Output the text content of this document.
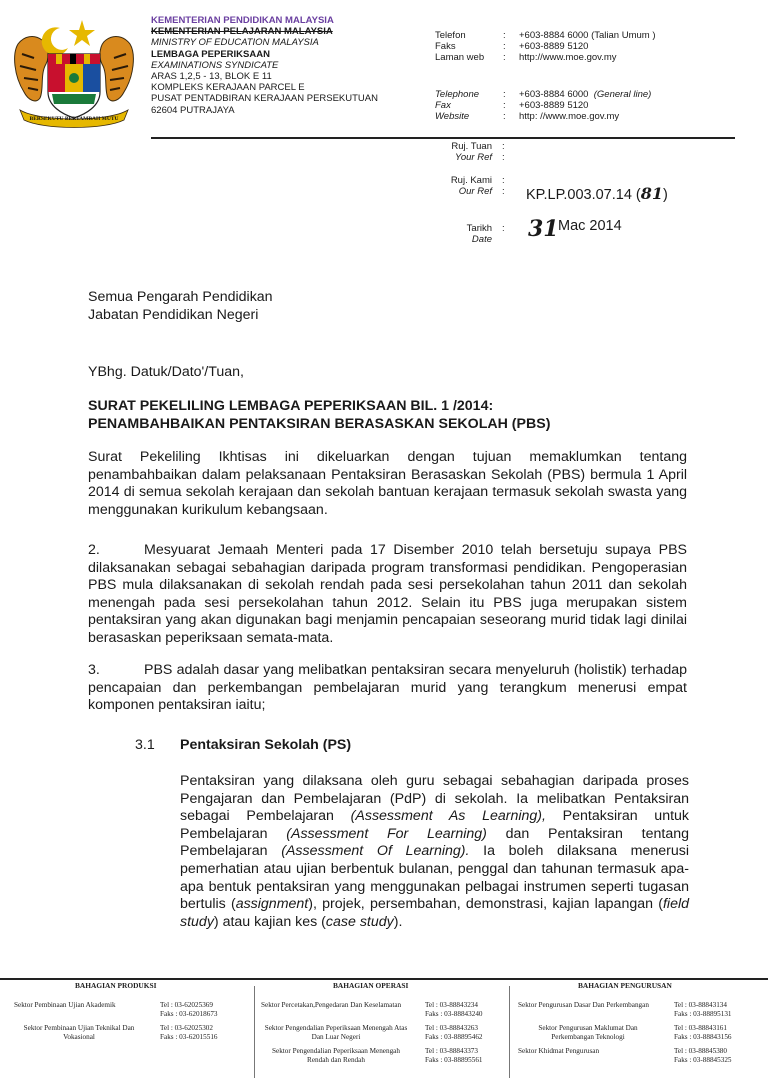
BERSEKUTU BERTAMBAH MUTU
KEMENTERIAN PENDIDIKAN MALAYSIA
KEMENTERIAN PELAJARAN MALAYSIA
MINISTRY OF EDUCATION MALAYSIA
LEMBAGA PEPERIKSAAN
EXAMINATIONS SYNDICATE
ARAS 1,2,5 - 13, BLOK E 11
KOMPLEKS KERAJAAN PARCEL E
PUSAT PENTADBIRAN KERAJAAN PERSEKUTUAN
62604 PUTRAJAYA
Telefon	:	+603-8884 6000 (Talian Umum )
Faks	:	+603-8889 5120
Laman web	:	http://www.moe.gov.my
Telephone	:	+603-8884 6000
(General line)
Fax	:	+603-8889 5120
Website	:	http: //www.moe.gov.my
Ruj. Tuan	:
Your Ref	:
Ruj. Kami	:
Our Ref	:	KP.LP.003.07.14 (81)
Tarikh	:
Date	31 Mac 2014
Semua Pengarah Pendidikan
Jabatan Pendidikan Negeri
YBhg. Datuk/Dato'/Tuan,
SURAT PEKELILING LEMBAGA PEPERIKSAAN BIL. 1 /2014:
PENAMBAHBAIKAN PENTAKSIRAN BERASASKAN SEKOLAH (PBS)
Surat Pekeliling Ikhtisas ini dikeluarkan dengan tujuan memaklumkan tentang penambahbaikan dalam pelaksanaan Pentaksiran Berasaskan Sekolah (PBS) bermula 1 April 2014 di semua sekolah kerajaan dan sekolah bantuan kerajaan termasuk sekolah swasta yang menggunakan kurikulum kebangsaan.
2.	Mesyuarat Jemaah Menteri pada 17 Disember 2010 telah bersetuju supaya PBS dilaksanakan sebagai sebahagian daripada program transformasi pendidikan. Pengoperasian PBS mula dilaksanakan di sekolah rendah pada sesi persekolahan tahun 2011 dan sekolah menengah pada sesi persekolahan tahun 2012. Selain itu PBS juga merupakan sistem pentaksiran yang akan digunakan bagi menjamin pencapaian seseorang murid tidak lagi dinilai berasaskan peperiksaan semata-mata.
3.	PBS adalah dasar yang melibatkan pentaksiran secara menyeluruh (holistik) terhadap pencapaian dan perkembangan pembelajaran murid yang terangkum menerusi empat komponen pentaksiran iaitu;
3.1 Pentaksiran Sekolah (PS)
Pentaksiran yang dilaksana oleh guru sebagai sebahagian daripada proses Pengajaran dan Pembelajaran (PdP) di sekolah. Ia melibatkan Pentaksiran sebagai Pembelajaran (Assessment As Learning), Pentaksiran untuk Pembelajaran (Assessment For Learning) dan Pentaksiran tentang Pembelajaran (Assessment Of Learning). Ia boleh dilaksana menerusi pemerhatian atau ujian berbentuk bulanan, penggal dan tahunan termasuk apa-apa bentuk pentaksiran yang menggunakan pelbagai instrumen seperti tugasan bertulis (assignment), projek, persembahan, demonstrasi, kajian lapangan (field study) atau kajian kes (case study).
BAHAGIAN PRODUKSI	BAHAGIAN OPERASI	BAHAGIAN PENGURUSAN
Sektor Pembinaan Ujian Akademik	Tel : 03-62025369
Faks : 03-62018673
Sektor Pembinaan Ujian Teknikal Dan Vokasional
Tel : 03-62025302
Faks : 03-62015516
Sektor Percetakan,Pengedaran Dan Keselamatan	Tel : 03-88843234
Faks : 03-88843240
Sektor Pengendalian Peperiksaan Menengah Atas Dan Luar Negeri
Tel : 03-88843263
Faks : 03-88895462
Sektor Pengendalian Peperiksaan Menengah Rendah dan Rendah
Tel : 03-88843373
Faks : 03-88895561
Sektor Pengurusan Dasar Dan Perkembangan	Tel : 03-88843134
Faks : 03-88895131
Sektor Pengurusan Maklumat Dan Perkembangan Teknologi
Tel : 03-88843161
Faks : 03-88843156
Sektor Khidmat Pengurusan	Tel : 03-88845380
Faks : 03-88845325
